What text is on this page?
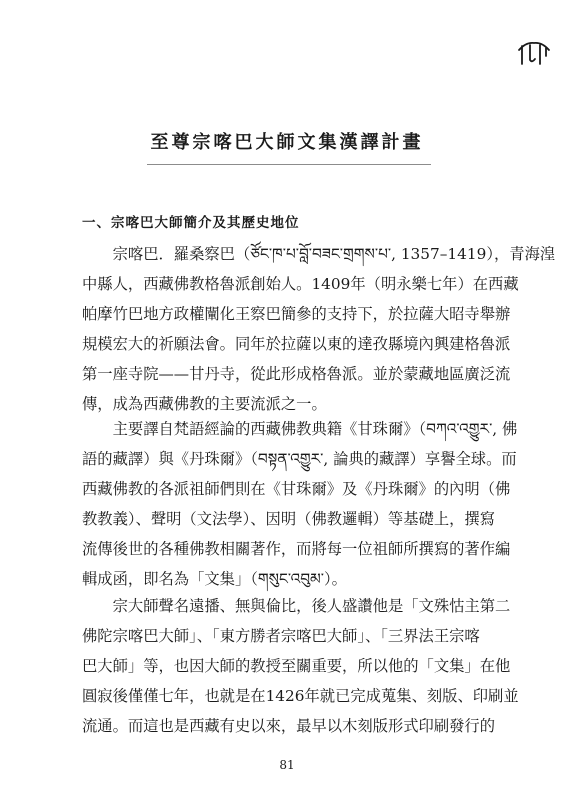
至尊宗喀巴大師文集漢譯計畫
一、宗喀巴大師簡介及其歷史地位
　　宗喀巴．羅桑察巴（ཙོང་ཁ་པ་བློ་བཟང་གྲགས་པ་, 1357–1419），青海湟
中縣人，西藏佛教格魯派創始人。1409年（明永樂七年）在西藏
帕摩竹巴地方政權闡化王察巴簡參的支持下，於拉薩大昭寺舉辦
規模宏大的祈願法會。同年於拉薩以東的達孜縣境內興建格魯派
第一座寺院——甘丹寺，從此形成格魯派。並於蒙藏地區廣泛流
傳，成為西藏佛教的主要流派之一。
　　主要譯自梵語經論的西藏佛教典籍《甘珠爾》（བཀའ་འགྱུར་, 佛
語的藏譯）與《丹珠爾》（བསྟན་འགྱུར་, 論典的藏譯）享譽全球。而
西藏佛教的各派祖師們則在《甘珠爾》及《丹珠爾》的內明（佛
教教義）、聲明（文法學）、因明（佛教邏輯）等基礎上，撰寫
流傳後世的各種佛教相關著作，而將每一位祖師所撰寫的著作編
輯成函，即名為「文集」（གསུང་འབུམ་）。
　　宗大師聲名遠播、無與倫比，後人盛讚他是「文殊怙主第二
佛陀宗喀巴大師」、「東方勝者宗喀巴大師」、「三界法王宗喀
巴大師」等，也因大師的教授至關重要，所以他的「文集」在他
圓寂後僅僅七年，也就是在1426年就已完成蒐集、刻版、印刷並
流通。而這也是西藏有史以來，最早以木刻版形式印刷發行的
81
